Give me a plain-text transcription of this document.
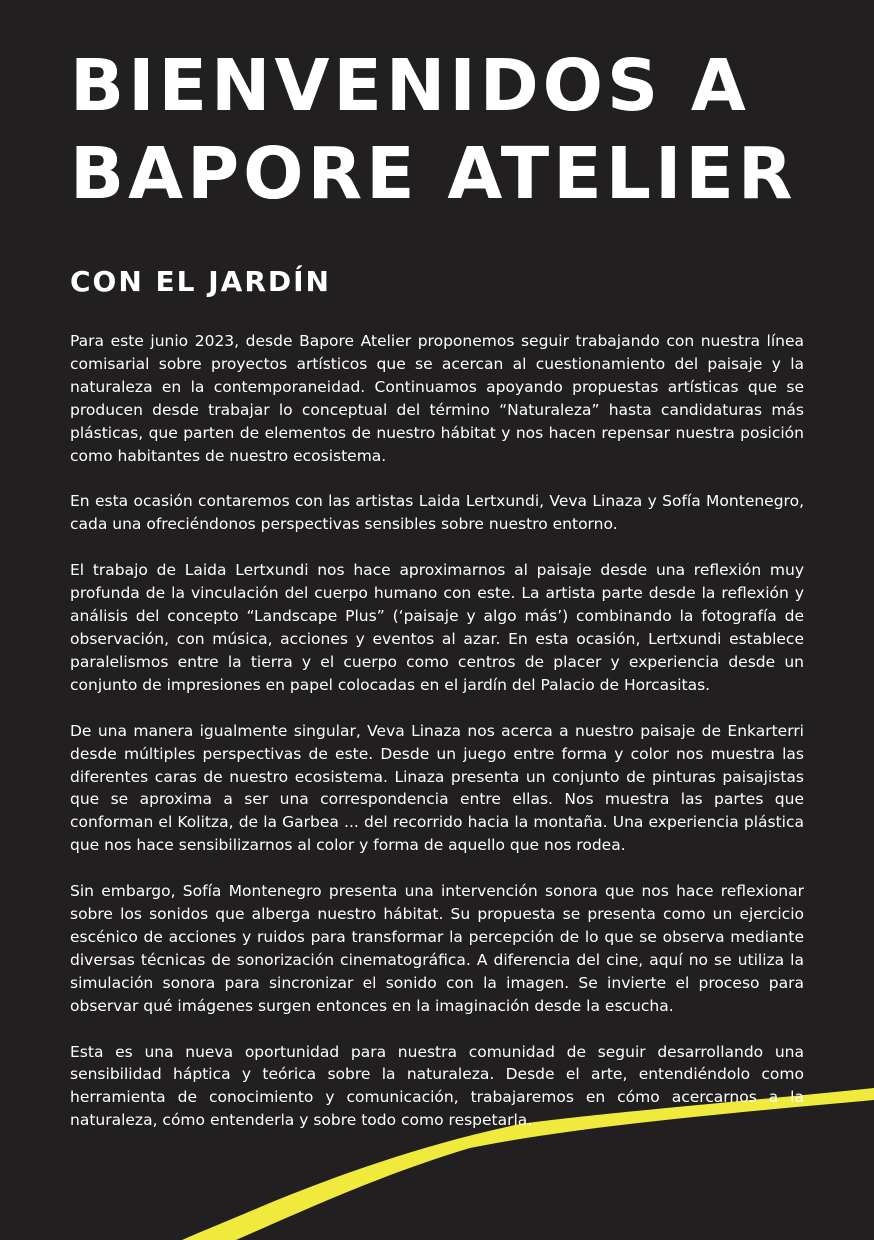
BIENVENIDOS A
BAPORE ATELIER
CON EL JARDÍN

Para este junio 2023, desde Bapore Atelier proponemos seguir trabajando con nuestra línea comisarial sobre proyectos artísticos que se acercan al cuestionamiento del paisaje y la naturaleza en la contemporaneidad. Continuamos apoyando propuestas artísticas que se producen desde trabajar lo conceptual del término “Naturaleza” hasta candidaturas más plásticas, que parten de elementos de nuestro hábitat y nos hacen repensar nuestra posición como habitantes de nuestro ecosistema.

En esta ocasión contaremos con las artistas Laida Lertxundi, Veva Linaza y Sofía Montenegro, cada una ofreciéndonos perspectivas sensibles sobre nuestro entorno.

El trabajo de Laida Lertxundi nos hace aproximarnos al paisaje desde una reflexión muy profunda de la vinculación del cuerpo humano con este. La artista parte desde la reflexión y análisis del concepto “Landscape Plus” (‘paisaje y algo más’) combinando la fotografía de observación, con música, acciones y eventos al azar. En esta ocasión, Lertxundi establece paralelismos entre la tierra y el cuerpo como centros de placer y experiencia desde un conjunto de impresiones en papel colocadas en el jardín del Palacio de Horcasitas.

De una manera igualmente singular, Veva Linaza nos acerca a nuestro paisaje de Enkarterri desde múltiples perspectivas de este. Desde un juego entre forma y color nos muestra las diferentes caras de nuestro ecosistema. Linaza presenta un conjunto de pinturas paisajistas que se aproxima a ser una correspondencia entre ellas. Nos muestra las partes que conforman el Kolitza, de la Garbea ... del recorrido hacia la montaña. Una experiencia plástica que nos hace sensibilizarnos al color y forma de aquello que nos rodea.

Sin embargo, Sofía Montenegro presenta una intervención sonora que nos hace reflexionar sobre los sonidos que alberga nuestro hábitat. Su propuesta se presenta como un ejercicio escénico de acciones y ruidos para transformar la percepción de lo que se observa mediante diversas técnicas de sonorización cinematográfica. A diferencia del cine, aquí no se utiliza la simulación sonora para sincronizar el sonido con la imagen. Se invierte el proceso para observar qué imágenes surgen entonces en la imaginación desde la escucha.

Esta es una nueva oportunidad para nuestra comunidad de seguir desarrollando una sensibilidad háptica y teórica sobre la naturaleza. Desde el arte, entendiéndolo como herramienta de conocimiento y comunicación, trabajaremos en cómo acercarnos a la naturaleza, cómo entenderla y sobre todo como respetarla.
